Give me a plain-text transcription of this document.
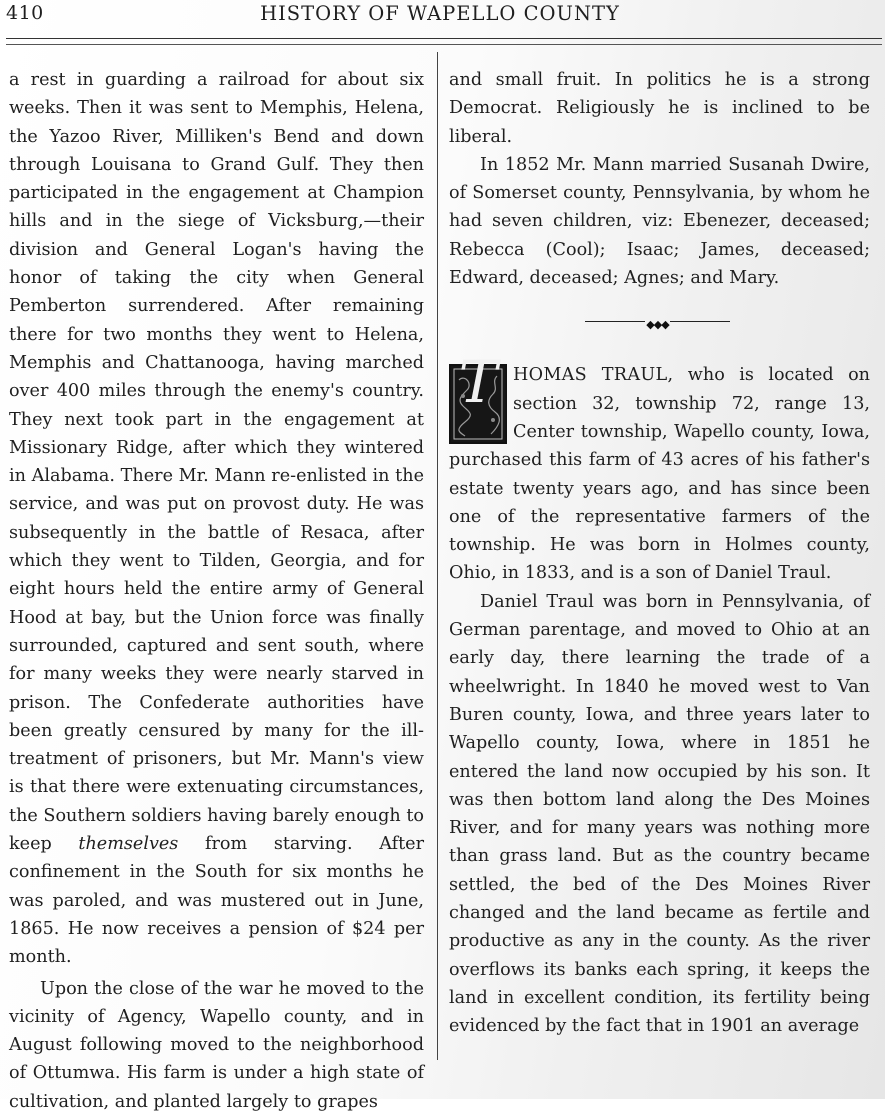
410	HISTORY OF WAPELLO COUNTY

a rest in guarding a railroad for about six weeks. Then it was sent to Memphis, Helena, the Yazoo River, Milliken's Bend and down through Louisana to Grand Gulf. They then participated in the engagement at Champion hills and in the siege of Vicksburg,—their division and General Logan's having the honor of taking the city when General Pemberton surrendered. After remaining there for two months they went to Helena, Memphis and Chattanooga, having marched over 400 miles through the enemy's country. They next took part in the engagement at Missionary Ridge, after which they wintered in Alabama. There Mr. Mann re-enlisted in the service, and was put on provost duty. He was subsequently in the battle of Resaca, after which they went to Tilden, Georgia, and for eight hours held the entire army of General Hood at bay, but the Union force was finally surrounded, captured and sent south, where for many weeks they were nearly starved in prison. The Confederate authorities have been greatly censured by many for the ill-treatment of prisoners, but Mr. Mann's view is that there were extenuating circumstances, the Southern soldiers having barely enough to keep themselves from starving. After confinement in the South for six months he was paroled, and was mustered out in June, 1865. He now receives a pension of $24 per month.

Upon the close of the war he moved to the vicinity of Agency, Wapello county, and in August following moved to the neighborhood of Ottumwa. His farm is under a high state of cultivation, and planted largely to grapes

and small fruit. In politics he is a strong Democrat. Religiously he is inclined to be liberal.

In 1852 Mr. Mann married Susanah Dwire, of Somerset county, Pennsylvania, by whom he had seven children, viz: Ebenezer, deceased; Rebecca (Cool); Isaac; James, deceased; Edward, deceased; Agnes; and Mary.

◆◆◆
T HOMAS TRAUL, who is located on section 32, township 72, range 13, Center township, Wapello county, Iowa, purchased this farm of 43 acres of his father's estate twenty years ago, and has since been one of the representative farmers of the township. He was born in Holmes county, Ohio, in 1833, and is a son of Daniel Traul.

Daniel Traul was born in Pennsylvania, of German parentage, and moved to Ohio at an early day, there learning the trade of a wheelwright. In 1840 he moved west to Van Buren county, Iowa, and three years later to Wapello county, Iowa, where in 1851 he entered the land now occupied by his son. It was then bottom land along the Des Moines River, and for many years was nothing more than grass land. But as the country became settled, the bed of the Des Moines River changed and the land became as fertile and productive as any in the county. As the river overflows its banks each spring, it keeps the land in excellent condition, its fertility being evidenced by the fact that in 1901 an average
